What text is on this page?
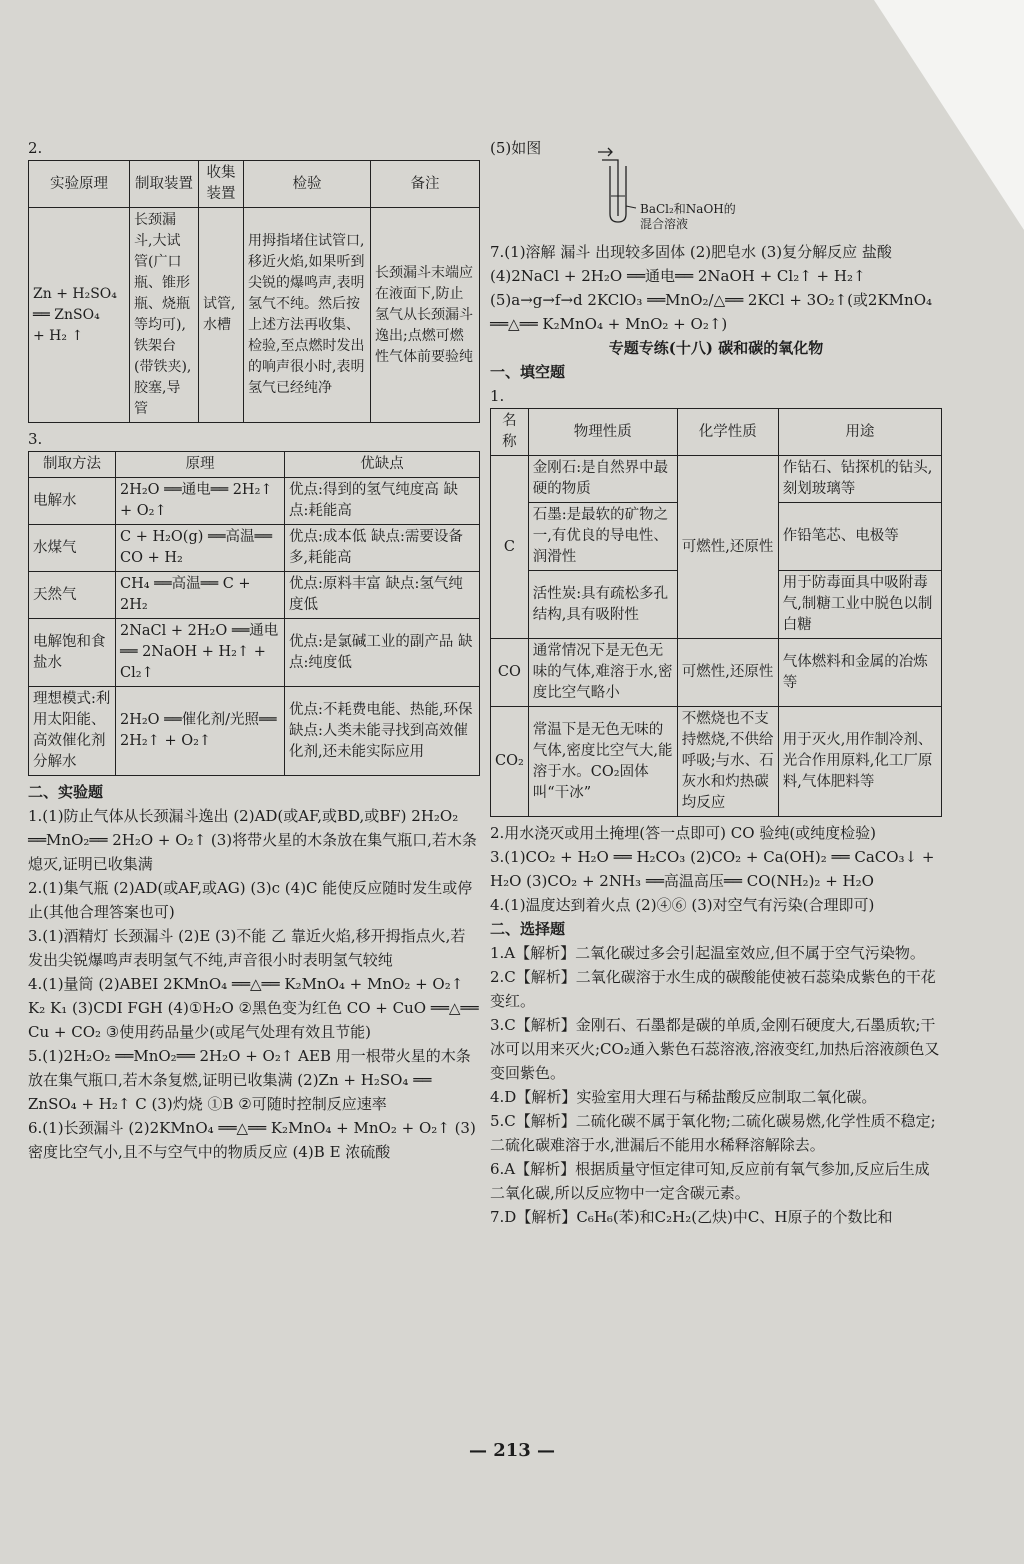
2.

实验原理	制取装置	收集装置	检验	备注

Zn + H₂SO₄
══ ZnSO₄
+ H₂ ↑	长颈漏斗,大试管(广口瓶、锥形瓶、烧瓶等均可),铁架台(带铁夹),胶塞,导管	试管,水槽	用拇指堵住试管口,移近火焰,如果听到尖锐的爆鸣声,表明氢气不纯。然后按上述方法再收集、检验,至点燃时发出的响声很小时,表明氢气已经纯净	长颈漏斗末端应在液面下,防止氢气从长颈漏斗逸出;点燃可燃性气体前要验纯

3.

制取方法	原理	优缺点
电解水	2H₂O ══通电══ 2H₂↑ + O₂↑	优点:得到的氢气纯度高 缺点:耗能高
水煤气	C + H₂O(g) ══高温══ CO + H₂	优点:成本低 缺点:需要设备多,耗能高
天然气	CH₄ ══高温══ C + 2H₂	优点:原料丰富 缺点:氢气纯度低
电解饱和食盐水	2NaCl + 2H₂O ══通电══ 2NaOH + H₂↑ + Cl₂↑	优点:是氯碱工业的副产品 缺点:纯度低
理想模式:利用太阳能、高效催化剂分解水	2H₂O ══催化剂/光照══ 2H₂↑ + O₂↑	优点:不耗费电能、热能,环保 缺点:人类未能寻找到高效催化剂,还未能实际应用

二、实验题

1.(1)防止气体从长颈漏斗逸出 (2)AD(或AF,或BD,或BF) 2H₂O₂ ══MnO₂══ 2H₂O + O₂↑ (3)将带火星的木条放在集气瓶口,若木条熄灭,证明已收集满

2.(1)集气瓶 (2)AD(或AF,或AG) (3)c (4)C 能使反应随时发生或停止(其他合理答案也可)

3.(1)酒精灯 长颈漏斗 (2)E (3)不能 乙 靠近火焰,移开拇指点火,若发出尖锐爆鸣声表明氢气不纯,声音很小时表明氢气较纯

4.(1)量筒 (2)ABEI 2KMnO₄ ══△══ K₂MnO₄ + MnO₂ + O₂↑ K₂ K₁ (3)CDI FGH (4)①H₂O ②黑色变为红色 CO + CuO ══△══ Cu + CO₂ ③使用药品量少(或尾气处理有效且节能)

5.(1)2H₂O₂ ══MnO₂══ 2H₂O + O₂↑ AEB 用一根带火星的木条放在集气瓶口,若木条复燃,证明已收集满 (2)Zn + H₂SO₄ ══ ZnSO₄ + H₂↑ C (3)灼烧 ①B ②可随时控制反应速率

6.(1)长颈漏斗 (2)2KMnO₄ ══△══ K₂MnO₄ + MnO₂ + O₂↑ (3)密度比空气小,且不与空气中的物质反应 (4)B E 浓硫酸

(5)如图

BaCl₂和NaOH的混合溶液

7.(1)溶解 漏斗 出现较多固体 (2)肥皂水 (3)复分解反应 盐酸 (4)2NaCl + 2H₂O ══通电══ 2NaOH + Cl₂↑ + H₂↑ (5)a→g→f→d 2KClO₃ ══MnO₂/△══ 2KCl + 3O₂↑(或2KMnO₄ ══△══ K₂MnO₄ + MnO₂ + O₂↑)

专题专练(十八) 碳和碳的氧化物

一、填空题

1.

名称	物理性质	化学性质	用途
C	金刚石:是自然界中最硬的物质	可燃性,还原性	作钻石、钻探机的钻头,刻划玻璃等
	石墨:是最软的矿物之一,有优良的导电性、润滑性		作铅笔芯、电极等
	活性炭:具有疏松多孔结构,具有吸附性		用于防毒面具中吸附毒气,制糖工业中脱色以制白糖
CO	通常情况下是无色无味的气体,难溶于水,密度比空气略小	可燃性,还原性	气体燃料和金属的冶炼等
CO₂	常温下是无色无味的气体,密度比空气大,能溶于水。CO₂固体叫“干冰”	不燃烧也不支持燃烧,不供给呼吸;与水、石灰水和灼热碳均反应	用于灭火,用作制冷剂、光合作用原料,化工厂原料,气体肥料等

2.用水浇灭或用土掩埋(答一点即可) CO 验纯(或纯度检验)

3.(1)CO₂ + H₂O ══ H₂CO₃ (2)CO₂ + Ca(OH)₂ ══ CaCO₃↓ + H₂O (3)CO₂ + 2NH₃ ══高温高压══ CO(NH₂)₂ + H₂O

4.(1)温度达到着火点 (2)④⑥ (3)对空气有污染(合理即可)

二、选择题

1.A【解析】二氧化碳过多会引起温室效应,但不属于空气污染物。

2.C【解析】二氧化碳溶于水生成的碳酸能使被石蕊染成紫色的干花变红。

3.C【解析】金刚石、石墨都是碳的单质,金刚石硬度大,石墨质软;干冰可以用来灭火;CO₂通入紫色石蕊溶液,溶液变红,加热后溶液颜色又变回紫色。

4.D【解析】实验室用大理石与稀盐酸反应制取二氧化碳。

5.C【解析】二硫化碳不属于氧化物;二硫化碳易燃,化学性质不稳定;二硫化碳难溶于水,泄漏后不能用水稀释溶解除去。

6.A【解析】根据质量守恒定律可知,反应前有氧气参加,反应后生成二氧化碳,所以反应物中一定含碳元素。

7.D【解析】C₆H₆(苯)和C₂H₂(乙炔)中C、H原子的个数比和

— 213 —
